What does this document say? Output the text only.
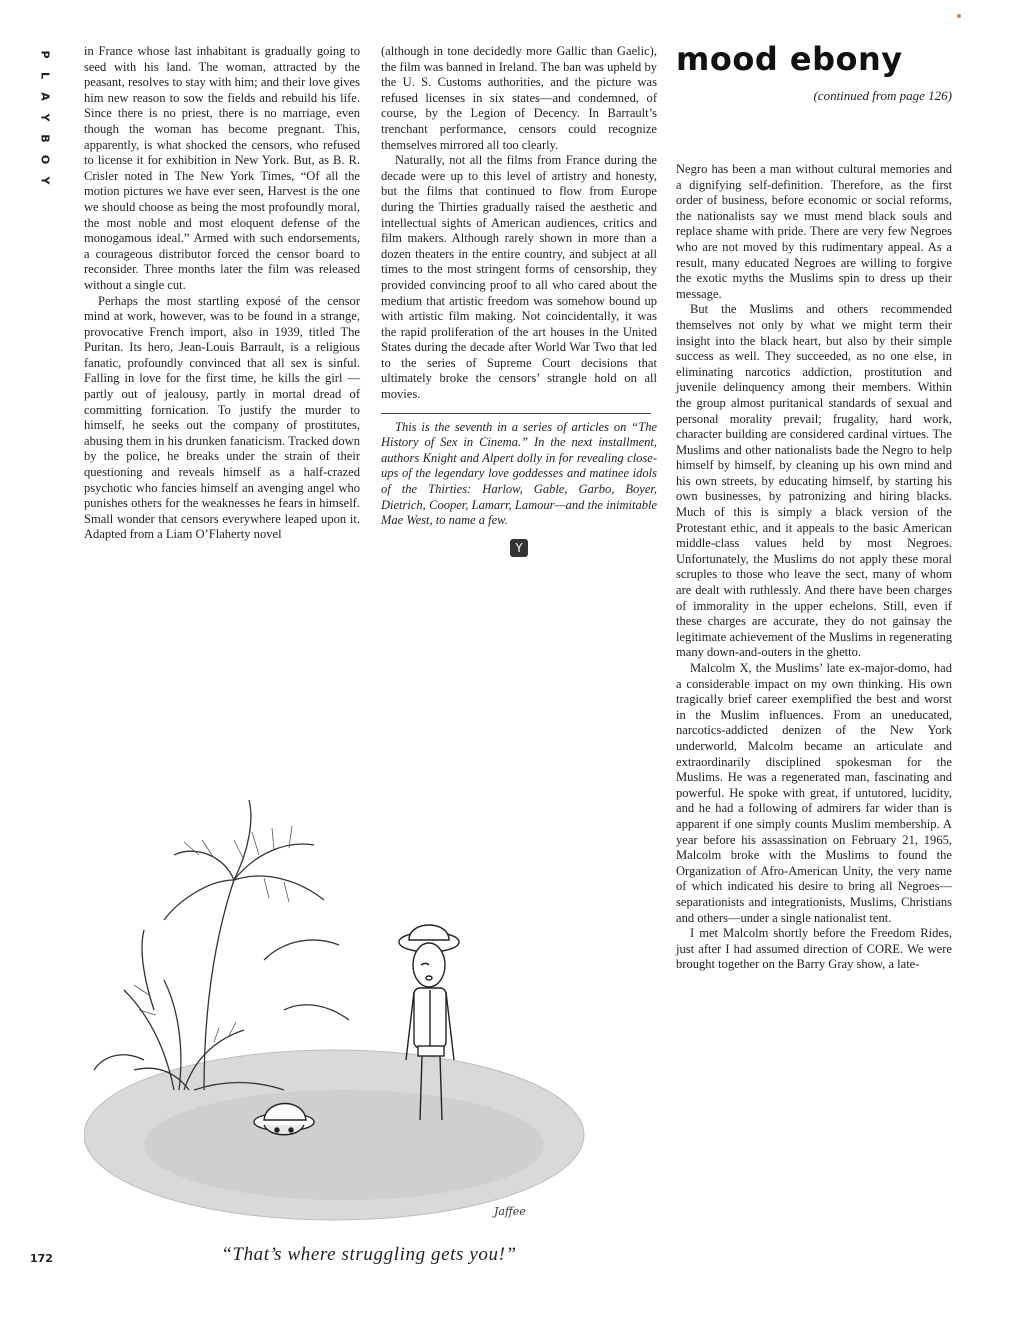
P
L
A
Y
B
O
Y

in France whose last inhabitant is gradually going to seed with his land. The woman, attracted by the peasant, resolves to stay with him; and their love gives him new reason to sow the fields and rebuild his life. Since there is no priest, there is no marriage, even though the woman has become pregnant. This, apparently, is what shocked the censors, who refused to license it for exhibition in New York. But, as B. R. Crisler noted in The New York Times, “Of all the motion pictures we have ever seen, Harvest is the one we should choose as being the most profoundly moral, the most noble and most eloquent defense of the monogamous ideal.” Armed with such endorsements, a courageous distributor forced the censor board to reconsider. Three months later the film was released without a single cut.

Perhaps the most startling exposé of the censor mind at work, however, was to be found in a strange, provocative French import, also in 1939, titled The Puritan. Its hero, Jean-Louis Barrault, is a religious fanatic, profoundly convinced that all sex is sinful. Falling in love for the first time, he kills the girl —partly out of jealousy, partly in mortal dread of committing fornication. To justify the murder to himself, he seeks out the company of prostitutes, abusing them in his drunken fanaticism. Tracked down by the police, he breaks under the strain of their questioning and reveals himself as a half-crazed psychotic who fancies himself an avenging angel who punishes others for the weaknesses he fears in himself. Small wonder that censors everywhere leaped upon it. Adapted from a Liam O’Flaherty novel

(although in tone decidedly more Gallic than Gaelic), the film was banned in Ireland. The ban was upheld by the U. S. Customs authorities, and the picture was refused licenses in six states—and condemned, of course, by the Legion of Decency. In Barrault’s trenchant performance, censors could recognize themselves mirrored all too clearly.

Naturally, not all the films from France during the decade were up to this level of artistry and honesty, but the films that continued to flow from Europe during the Thirties gradually raised the aesthetic and intellectual sights of American audiences, critics and film makers. Although rarely shown in more than a dozen theaters in the entire country, and subject at all times to the most stringent forms of censorship, they provided convincing proof to all who cared about the medium that artistic freedom was somehow bound up with artistic film making. Not coincidentally, it was the rapid proliferation of the art houses in the United States during the decade after World War Two that led to the series of Supreme Court decisions that ultimately broke the censors’ strangle hold on all movies.

This is the seventh in a series of articles on “The History of Sex in Cinema.” In the next installment, authors Knight and Alpert dolly in for revealing close-ups of the legendary love goddesses and matinee idols of the Thirties: Harlow, Gable, Garbo, Boyer, Dietrich, Cooper, Lamarr, Lamour—and the inimitable Mae West, to name a few.

Y
mood ebony
(continued from page 126)

Negro has been a man without cultural memories and a dignifying self-definition. Therefore, as the first order of business, before economic or social reforms, the nationalists say we must mend black souls and replace shame with pride. There are very few Negroes who are not moved by this rudimentary appeal. As a result, many educated Negroes are willing to forgive the exotic myths the Muslims spin to dress up their message.

But the Muslims and others recommended themselves not only by what we might term their insight into the black heart, but also by their simple success as well. They succeeded, as no one else, in eliminating narcotics addiction, prostitution and juvenile delinquency among their members. Within the group almost puritanical standards of sexual and personal morality prevail; frugality, hard work, character building are considered cardinal virtues. The Muslims and other nationalists bade the Negro to help himself by himself, by cleaning up his own mind and his own streets, by educating himself, by starting his own businesses, by patronizing and hiring blacks. Much of this is simply a black version of the Protestant ethic, and it appeals to the basic American middle-class values held by most Negroes. Unfortunately, the Muslims do not apply these moral scruples to those who leave the sect, many of whom are dealt with ruthlessly. And there have been charges of immorality in the upper echelons. Still, even if these charges are accurate, they do not gainsay the legitimate achievement of the Muslims in regenerating many down-and-outers in the ghetto.

Malcolm X, the Muslims’ late ex-major-domo, had a considerable impact on my own thinking. His own tragically brief career exemplified the best and worst in the Muslim influences. From an uneducated, narcotics-addicted denizen of the New York underworld, Malcolm became an articulate and extraordinarily disciplined spokesman for the Muslims. He was a regenerated man, fascinating and powerful. He spoke with great, if untutored, lucidity, and he had a following of admirers far wider than is apparent if one simply counts Muslim membership. A year before his assassination on February 21, 1965, Malcolm broke with the Muslims to found the Organization of Afro-American Unity, the very name of which indicated his desire to bring all Negroes—separationists and integrationists, Muslims, Christians and others—under a single nationalist tent.

I met Malcolm shortly before the Freedom Rides, just after I had assumed direction of CORE. We were brought together on the Barry Gray show, a late-

Jaffee
“That’s where struggling gets you!”
172
